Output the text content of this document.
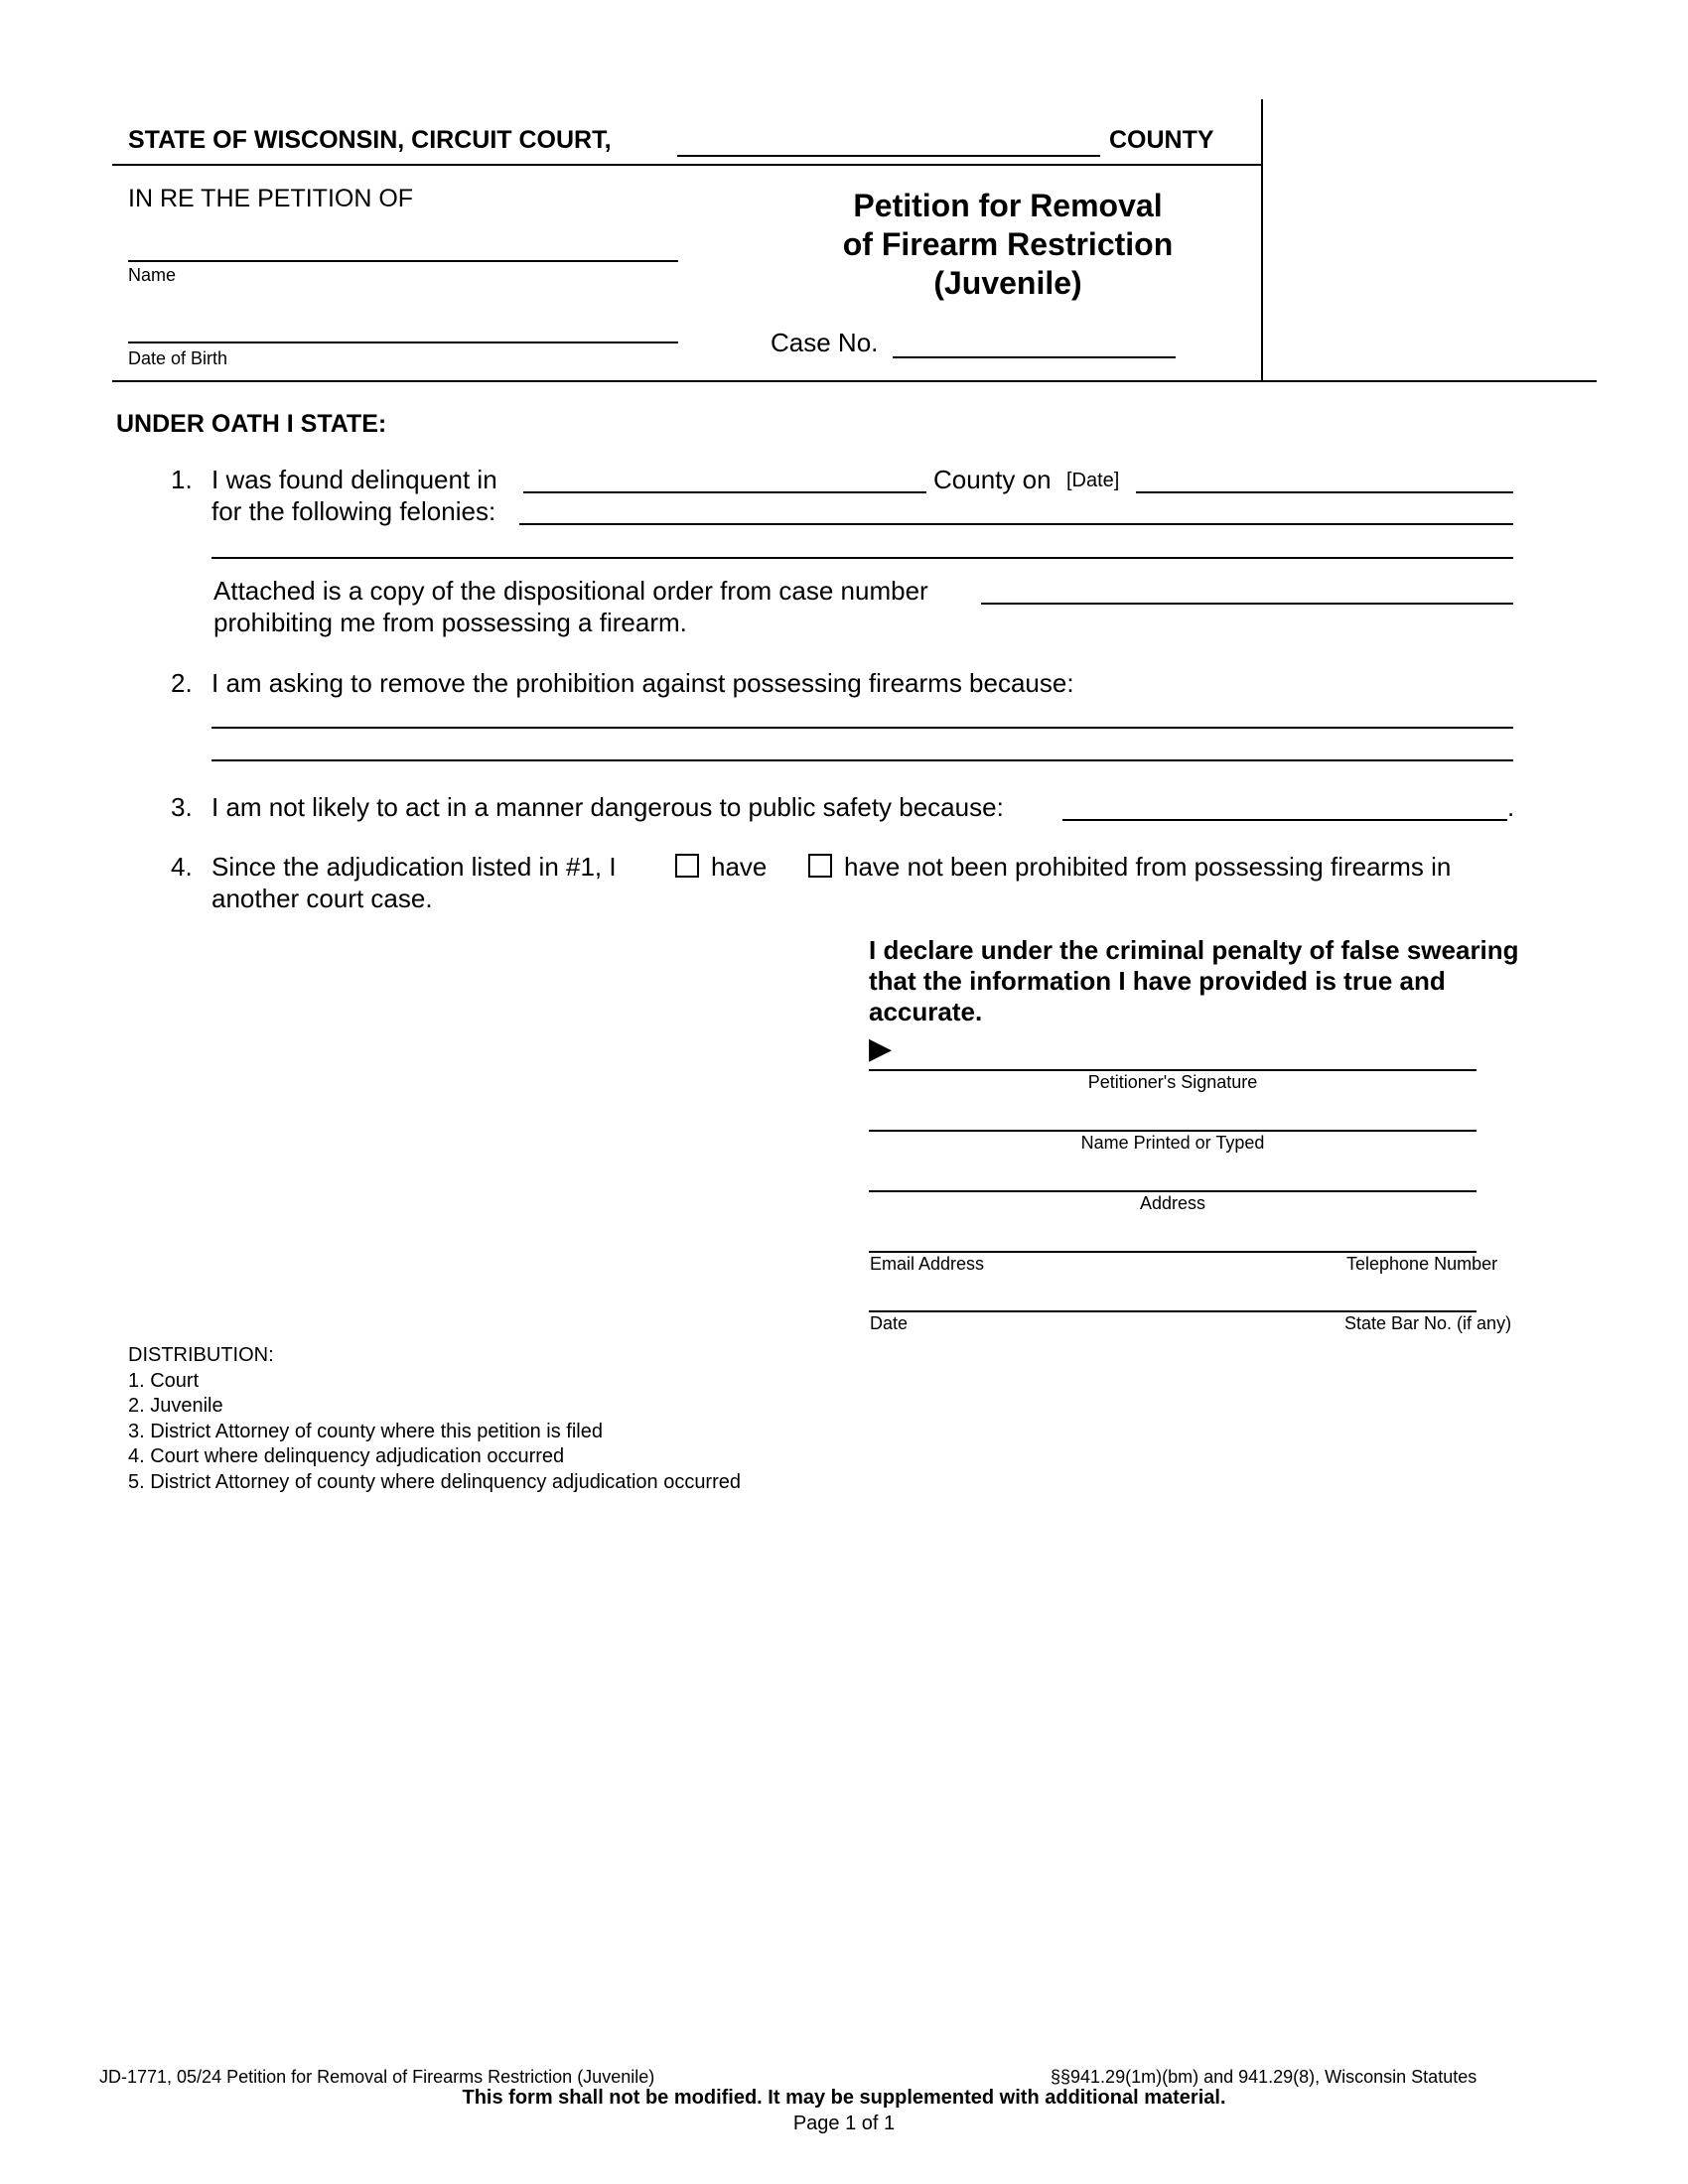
STATE OF WISCONSIN, CIRCUIT COURT,	COUNTY
IN RE THE PETITION OF
Name
Date of Birth
Petition for Removal
of Firearm Restriction
(Juvenile)
Case No.
UNDER OATH I STATE:
1. I was found delinquent in	County on [Date]
for the following felonies:
Attached is a copy of the dispositional order from case number
prohibiting me from possessing a firearm.
2. I am asking to remove the prohibition against possessing firearms because:
3. I am not likely to act in a manner dangerous to public safety because:	.
4. Since the adjudication listed in #1, I	have	have not been prohibited from possessing firearms in
another court case.
I declare under the criminal penalty of false swearing
that the information I have provided is true and
accurate.
▶
Petitioner's Signature
Name Printed or Typed
Address
Email Address	Telephone Number
Date	State Bar No. (if any)
DISTRIBUTION:
1. Court
2. Juvenile
3. District Attorney of county where this petition is filed
4. Court where delinquency adjudication occurred
5. District Attorney of county where delinquency adjudication occurred
JD-1771, 05/24 Petition for Removal of Firearms Restriction (Juvenile)	§§941.29(1m)(bm) and 941.29(8), Wisconsin Statutes
This form shall not be modified. It may be supplemented with additional material.
Page 1 of 1
